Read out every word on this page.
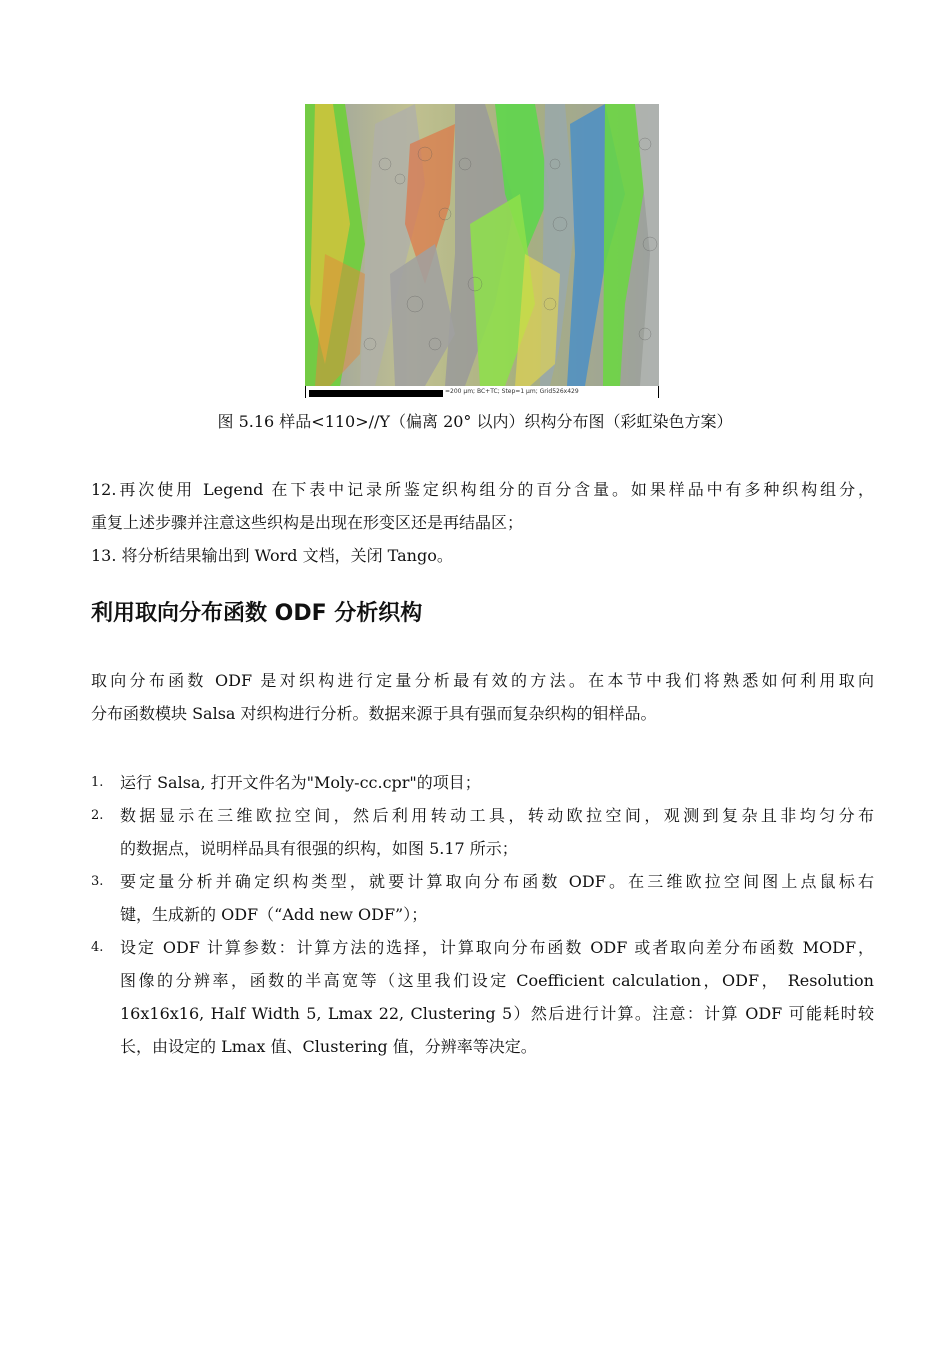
=200 μm; BC+TC; Step=1 μm; Grid526x429
图 5.16 样品<110>//Y（偏离 20° 以内）织构分布图（彩虹染色方案）
12.再次使用 Legend 在下表中记录所鉴定织构组分的百分含量。如果样品中有多种织构组分，
重复上述步骤并注意这些织构是出现在形变区还是再结晶区；
13. 将分析结果输出到 Word 文档，关闭 Tango。
利用取向分布函数 ODF 分析织构
取向分布函数 ODF 是对织构进行定量分析最有效的方法。在本节中我们将熟悉如何利用取向
分布函数模块 Salsa 对织构进行分析。数据来源于具有强而复杂织构的钼样品。
1.	运行 Salsa, 打开文件名为"Moly-cc.cpr"的项目；
2.	数据显示在三维欧拉空间，然后利用转动工具，转动欧拉空间，观测到复杂且非均匀分布
的数据点，说明样品具有很强的织构，如图 5.17 所示；
3.	要定量分析并确定织构类型，就要计算取向分布函数 ODF。在三维欧拉空间图上点鼠标右
键，生成新的 ODF（“Add new ODF”）；
4.	设定 ODF 计算参数：计算方法的选择，计算取向分布函数 ODF 或者取向差分布函数 MODF，
图像的分辨率，函数的半高宽等（这里我们设定 Coefficient calculation，ODF， Resolution
16x16x16, Half Width 5, Lmax 22, Clustering 5）然后进行计算。注意：计算 ODF 可能耗时较
长，由设定的 Lmax 值、Clustering 值，分辨率等决定。
